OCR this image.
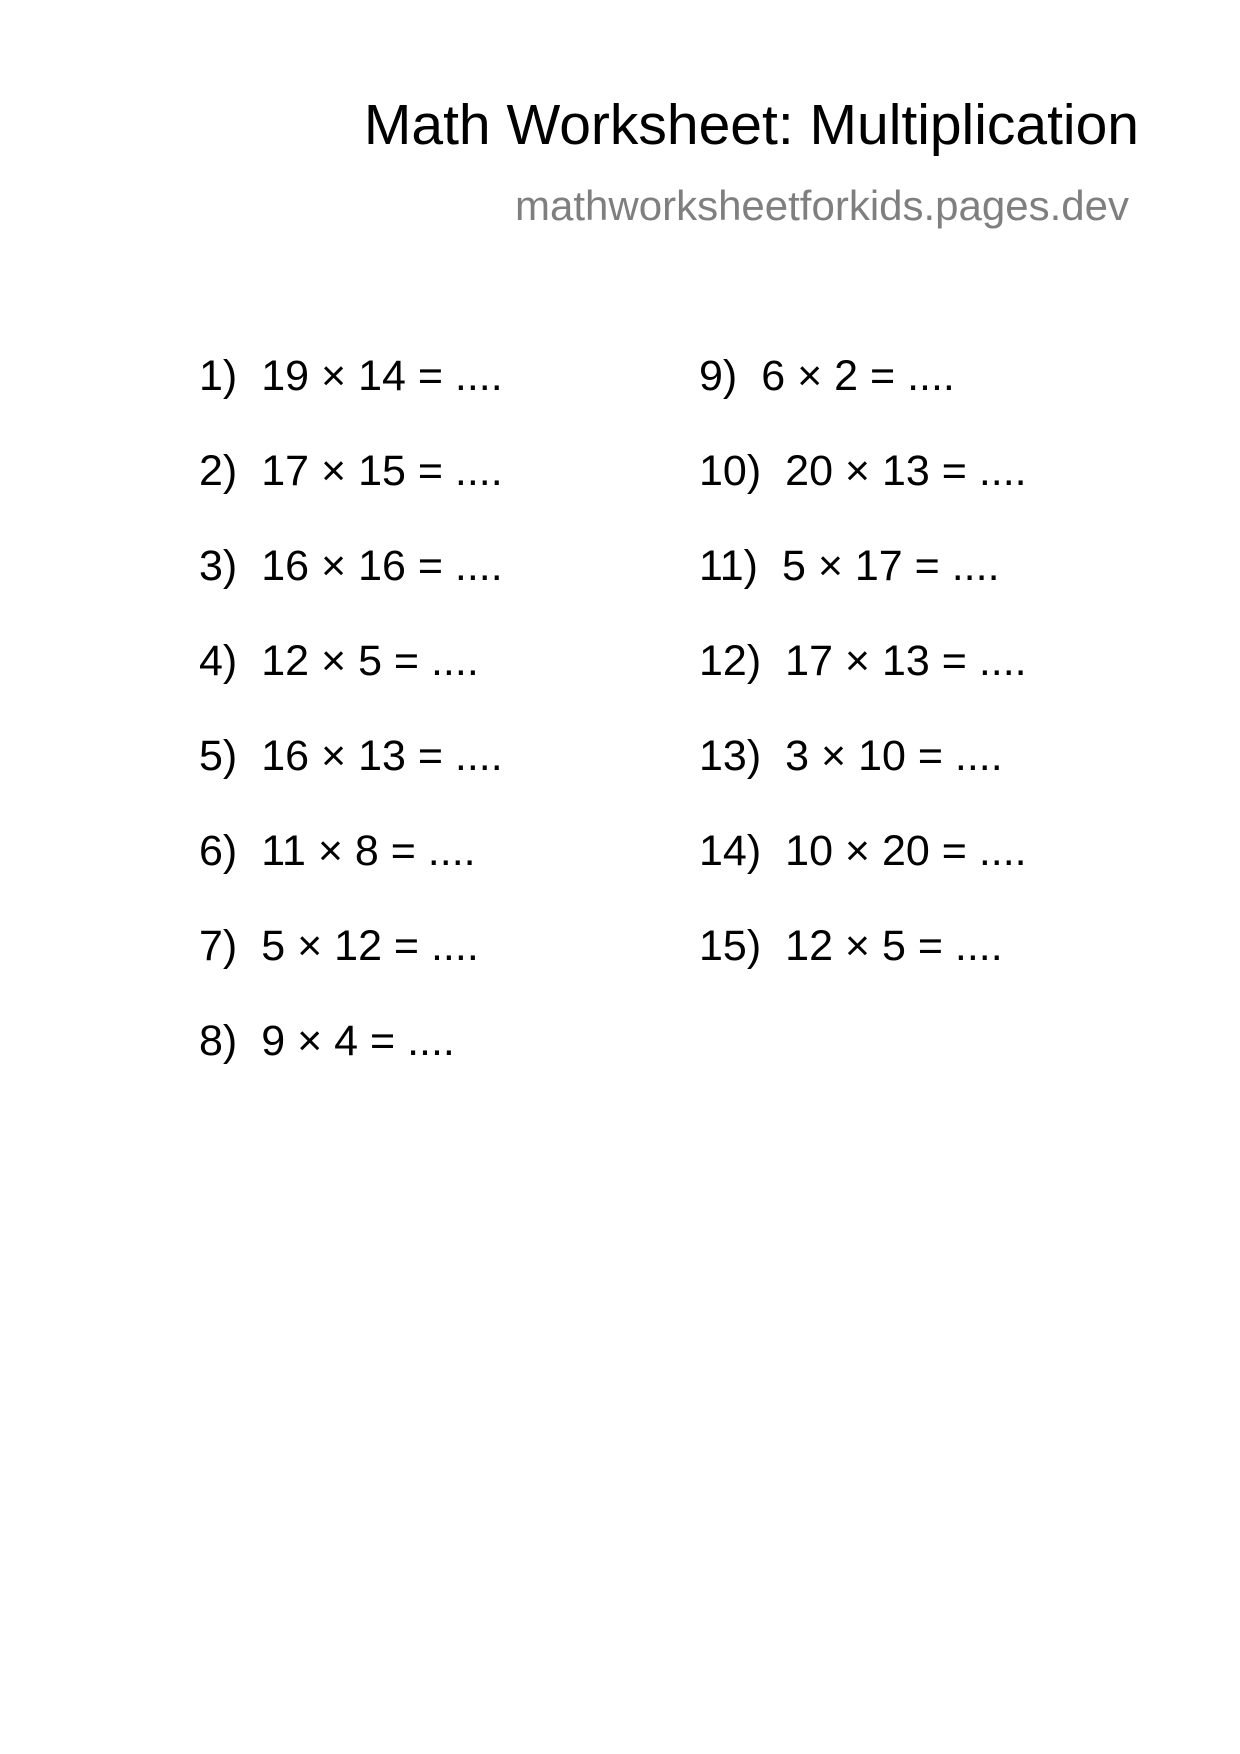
Math Worksheet: Multiplication
mathworksheetforkids.pages.dev
1) 19 × 14 = ....
2) 17 × 15 = ....
3) 16 × 16 = ....
4) 12 × 5 = ....
5) 16 × 13 = ....
6) 11 × 8 = ....
7) 5 × 12 = ....
8) 9 × 4 = ....
9) 6 × 2 = ....
10) 20 × 13 = ....
11) 5 × 17 = ....
12) 17 × 13 = ....
13) 3 × 10 = ....
14) 10 × 20 = ....
15) 12 × 5 = ....
